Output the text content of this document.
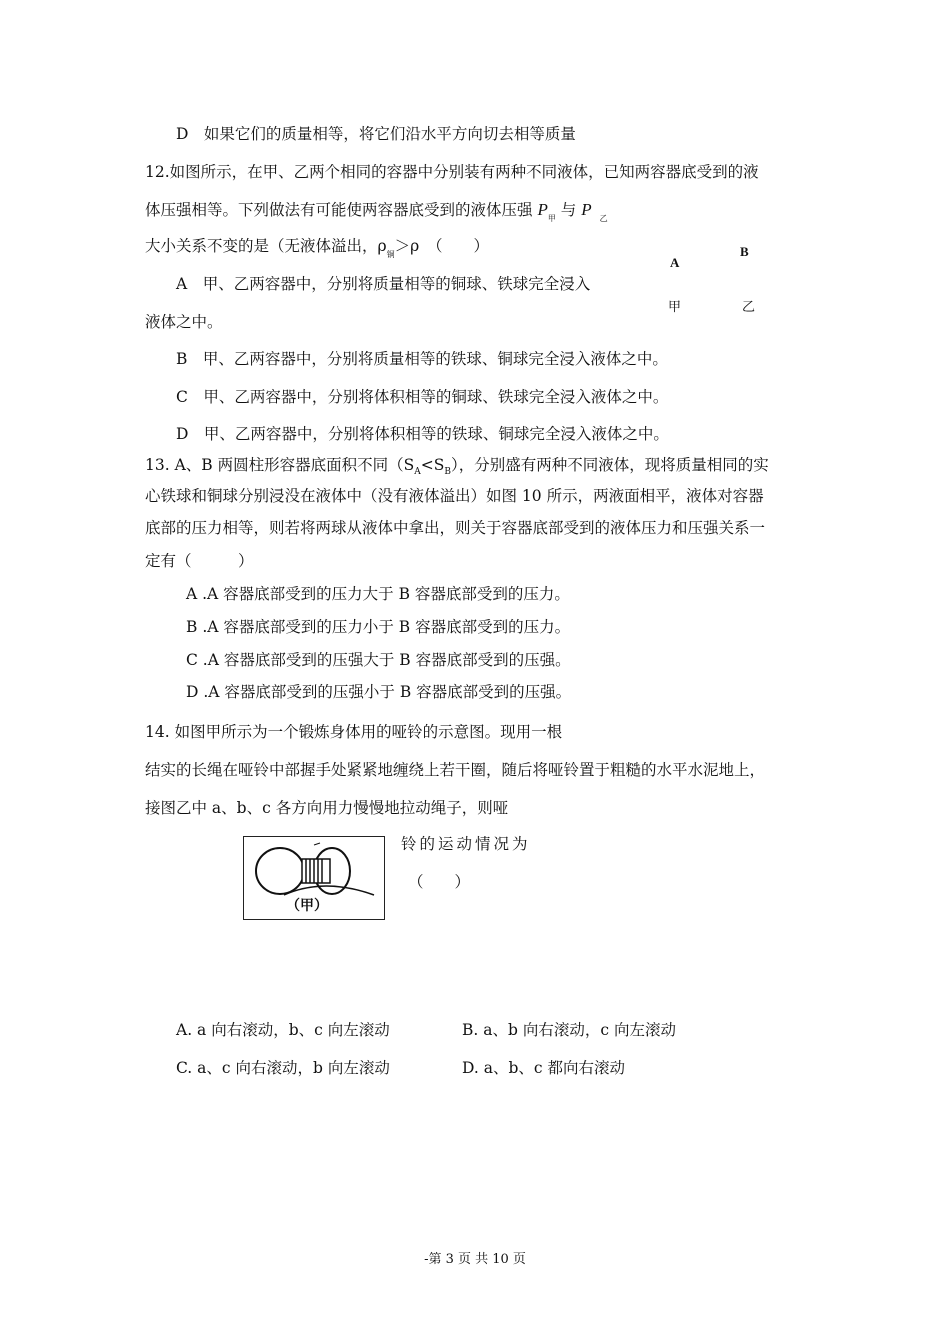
D　如果它们的质量相等，将它们沿水平方向切去相等质量
12.如图所示，在甲、乙两个相同的容器中分别装有两种不同液体，已知两容器底受到的液
体压强相等。下列做法有可能使两容器底受到的液体压强 $P_甲$ 与 P $_乙$
大小关系不变的是（无液体溢出，$\rho_铜>\rho$　（　　）
A　甲、乙两容器中，分别将质量相等的铜球、铁球完全浸入
液体之中。
B　甲、乙两容器中，分别将质量相等的铁球、铜球完全浸入液体之中。
C　甲、乙两容器中，分别将体积相等的铜球、铁球完全浸入液体之中。
D　甲、乙两容器中，分别将体积相等的铁球、铜球完全浸入液体之中。
A
B
甲	乙
13. A、B 两圆柱形容器底面积不同$(S_A<S_B)$，分别盛有两种不同液体，现将质量相同的实
心铁球和铜球分别浸没在液体中（没有液体溢出）如图 10 所示，两液面相平，液体对容器
底部的压力相等，则若将两球从液体中拿出，则关于容器底部受到的液体压力和压强关系一
定有（　　　）
A .A 容器底部受到的压力大于 B 容器底部受到的压力。
B .A 容器底部受到的压力小于 B 容器底部受到的压力。
C .A 容器底部受到的压强大于 B 容器底部受到的压强。
D .A 容器底部受到的压强小于 B 容器底部受到的压强。
14. 如图甲所示为一个锻炼身体用的哑铃的示意图。现用一根
结实的长绳在哑铃中部握手处紧紧地缠绕上若干圈，随后将哑铃置于粗糙的水平水泥地上，
接图乙中 a、b、c 各方向用力慢慢地拉动绳子，则哑
铃的运动情况为
（　　）
（甲）
A. a 向右滚动，b、c 向左滚动	B. a、b 向右滚动，c 向左滚动
C. a、c 向右滚动，b 向左滚动	D. a、b、c 都向右滚动
-第 3 页 共 10 页
